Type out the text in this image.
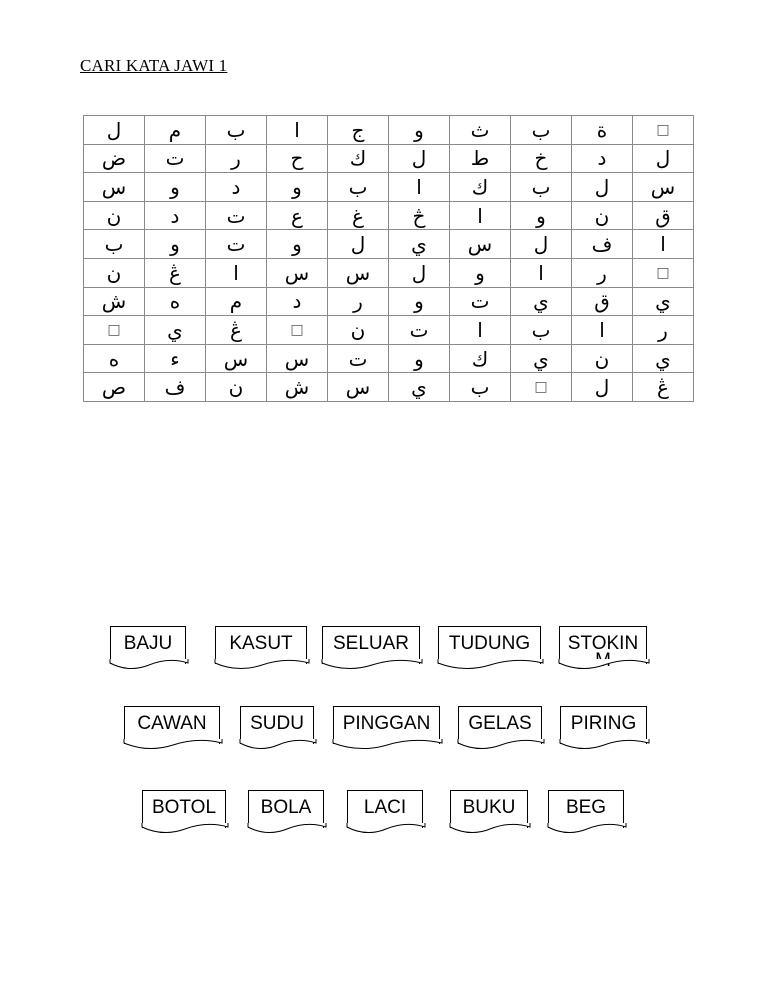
CARI KATA JAWI 1
ل	م	ب	ا	ج	و	ث	ب	ة	□
ض	ت	ر	ح	ك	ل	ط	خ	د	ل
س	و	د	و	ب	ا	ك	ب	ل	س
ن	د	ت	ع	غ	څ	ا	و	ن	ق
ب	و	ت	و	ل	ي	س	ل	ف	ا
ن	ڠ	ا	س	س	ل	و	ا	ر	□
ش	ه	م	د	ر	و	ت	ي	ق	ي
□	ي	ڠ	□	ن	ت	ا	ب	ا	ر
ه	ء	س	س	ت	و	ك	ي	ن	ي
ص	ف	ن	ش	س	ي	ب	□	ل	ڠ
BAJU	KASUT	SELUAR	TUDUNG	STOKIN
CAWAN	SUDU	PINGGAN	GELAS	PIRING
BOTOL	BOLA	LACI	BUKU	BEG
